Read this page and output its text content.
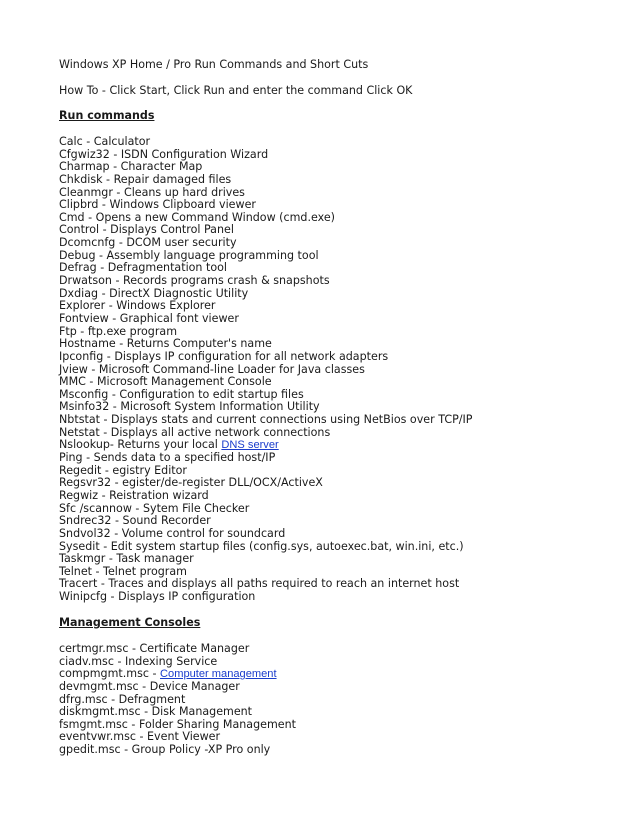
Windows XP Home / Pro Run Commands and Short Cuts
How To - Click Start, Click Run and enter the command Click OK
Run commands
Calc - Calculator
Cfgwiz32 - ISDN Configuration Wizard
Charmap - Character Map
Chkdisk - Repair damaged files
Cleanmgr - Cleans up hard drives
Clipbrd - Windows Clipboard viewer
Cmd - Opens a new Command Window (cmd.exe)
Control - Displays Control Panel
Dcomcnfg - DCOM user security
Debug - Assembly language programming tool
Defrag - Defragmentation tool
Drwatson - Records programs crash & snapshots
Dxdiag - DirectX Diagnostic Utility
Explorer - Windows Explorer
Fontview - Graphical font viewer
Ftp - ftp.exe program
Hostname - Returns Computer's name
Ipconfig - Displays IP configuration for all network adapters
Jview - Microsoft Command-line Loader for Java classes
MMC - Microsoft Management Console
Msconfig - Configuration to edit startup files
Msinfo32 - Microsoft System Information Utility
Nbtstat - Displays stats and current connections using NetBios over TCP/IP
Netstat - Displays all active network connections
Nslookup- Returns your local DNS server
Ping - Sends data to a specified host/IP
Regedit - egistry Editor
Regsvr32 - egister/de-register DLL/OCX/ActiveX
Regwiz - Reistration wizard
Sfc /scannow - Sytem File Checker
Sndrec32 - Sound Recorder
Sndvol32 - Volume control for soundcard
Sysedit - Edit system startup files (config.sys, autoexec.bat, win.ini, etc.)
Taskmgr - Task manager
Telnet - Telnet program
Tracert - Traces and displays all paths required to reach an internet host
Winipcfg - Displays IP configuration
Management Consoles
certmgr.msc - Certificate Manager
ciadv.msc - Indexing Service
compmgmt.msc - Computer management
devmgmt.msc - Device Manager
dfrg.msc - Defragment
diskmgmt.msc - Disk Management
fsmgmt.msc - Folder Sharing Management
eventvwr.msc - Event Viewer
gpedit.msc - Group Policy -XP Pro only
